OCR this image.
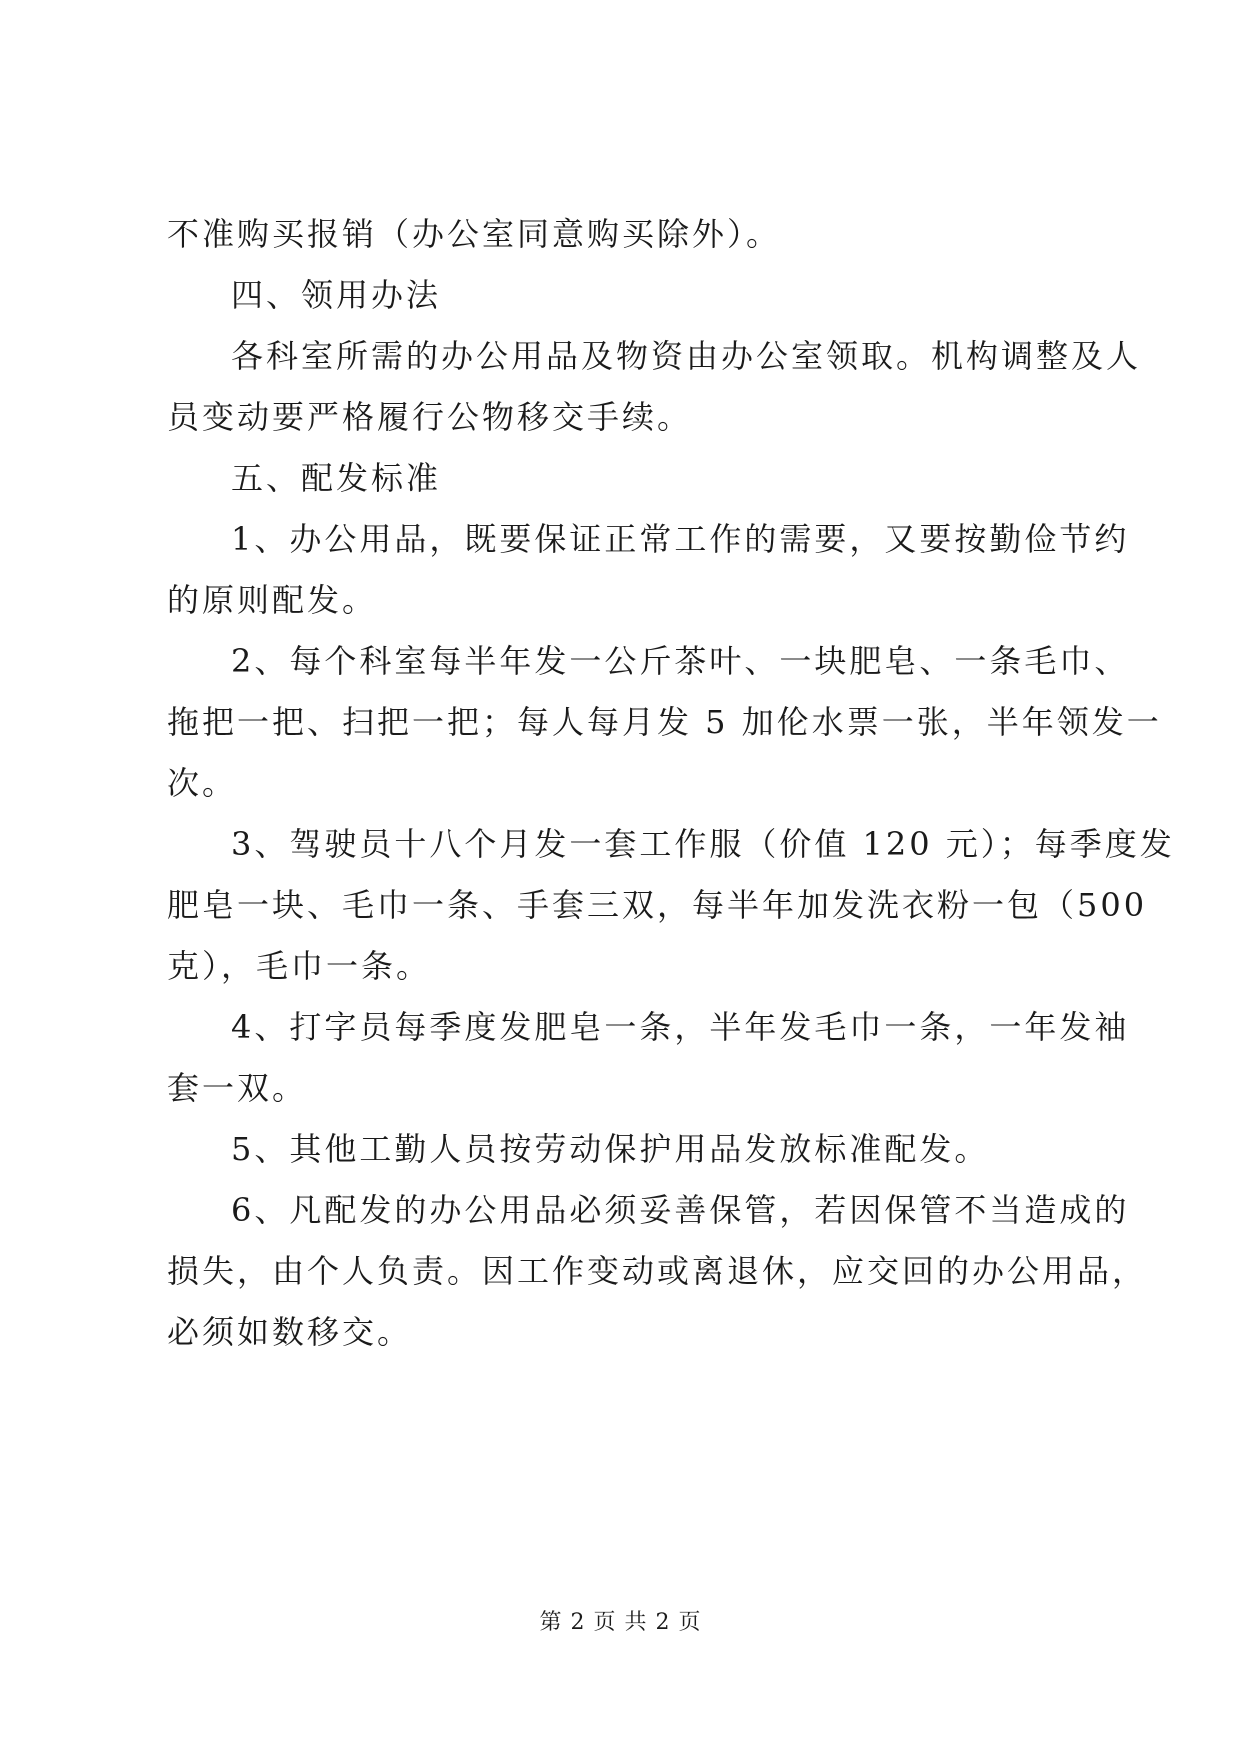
不准购买报销（办公室同意购买除外）。
四、领用办法
各科室所需的办公用品及物资由办公室领取。机构调整及人
员变动要严格履行公物移交手续。
五、配发标准
1、办公用品，既要保证正常工作的需要，又要按勤俭节约
的原则配发。
2、每个科室每半年发一公斤茶叶、一块肥皂、一条毛巾、
拖把一把、扫把一把；每人每月发 5 加伦水票一张，半年领发一
次。
3、驾驶员十八个月发一套工作服（价值 120 元）；每季度发
肥皂一块、毛巾一条、手套三双，每半年加发洗衣粉一包（500
克），毛巾一条。
4、打字员每季度发肥皂一条，半年发毛巾一条，一年发袖
套一双。
5、其他工勤人员按劳动保护用品发放标准配发。
6、凡配发的办公用品必须妥善保管，若因保管不当造成的
损失，由个人负责。因工作变动或离退休，应交回的办公用品，
必须如数移交。
第 2 页 共 2 页
